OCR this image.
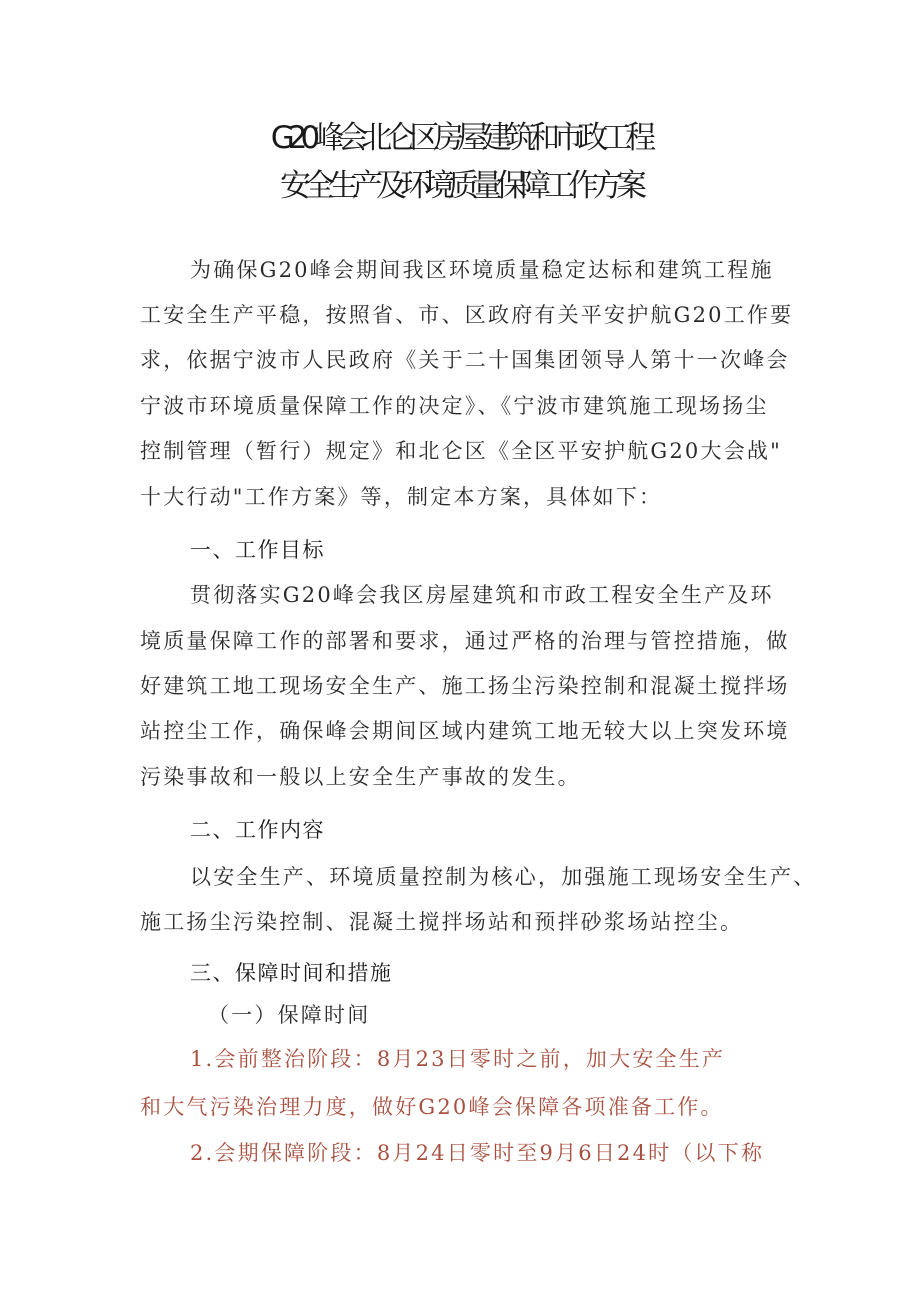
G20峰会北仑区房屋建筑和市政工程
安全生产及环境质量保障工作方案
为确保G20峰会期间我区环境质量稳定达标和建筑工程施
工安全生产平稳，按照省、市、区政府有关平安护航G20工作要
求，依据宁波市人民政府《关于二十国集团领导人第十一次峰会
宁波市环境质量保障工作的决定》、《宁波市建筑施工现场扬尘
控制管理（暂行）规定》和北仑区《全区平安护航G20大会战"
十大行动"工作方案》等，制定本方案，具体如下：
一、工作目标
贯彻落实G20峰会我区房屋建筑和市政工程安全生产及环
境质量保障工作的部署和要求，通过严格的治理与管控措施，做
好建筑工地工现场安全生产、施工扬尘污染控制和混凝土搅拌场
站控尘工作，确保峰会期间区域内建筑工地无较大以上突发环境
污染事故和一般以上安全生产事故的发生。
二、工作内容
以安全生产、环境质量控制为核心，加强施工现场安全生产、
施工扬尘污染控制、混凝土搅拌场站和预拌砂浆场站控尘。
三、保障时间和措施
（一）保障时间
1.会前整治阶段：8月23日零时之前，加大安全生产
和大气污染治理力度，做好G20峰会保障各项准备工作。
2.会期保障阶段：8月24日零时至9月6日24时（以下称
